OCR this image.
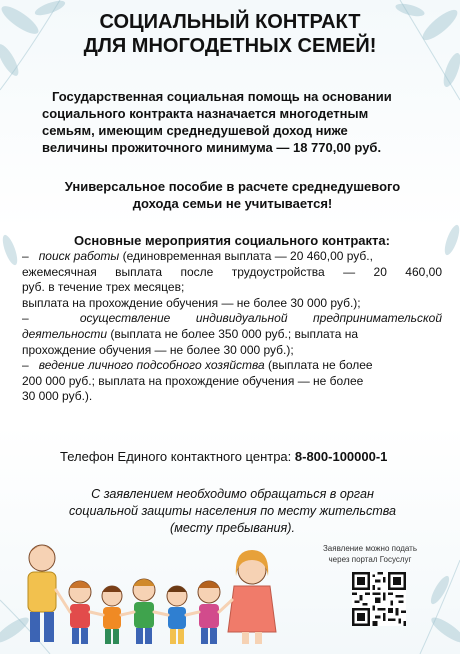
СОЦИАЛЬНЫЙ КОНТРАКТ
ДЛЯ МНОГОДЕТНЫХ СЕМЕЙ!
Государственная социальная помощь на основании
социального контракта назначается многодетным
семьям, имеющим среднедушевой доход ниже
величины прожиточного минимума — 18 770,00 руб.
Универсальное пособие в расчете среднедушевого
дохода семьи не учитывается!
Основные мероприятия социального контракта:
– поиск работы (единовременная выплата — 20 460,00 руб.,
ежемесячная выплата после трудоустройства — 20 460,00
руб. в течение трех месяцев;
выплата на прохождение обучения — не более 30 000 руб.);
–	осуществление индивидуальной предпринимательской
деятельности (выплата не более 350 000 руб.; выплата на
прохождение обучения — не более 30 000 руб.);
– ведение личного подсобного хозяйства (выплата не более
200 000 руб.; выплата на прохождение обучения — не более
30 000 руб.).
Телефон Единого контактного центра: 8-800-100000-1
С заявлением необходимо обращаться в орган
социальной защиты населения по месту жительства
(месту пребывания).
Заявление можно подать
через портал Госуслуг
